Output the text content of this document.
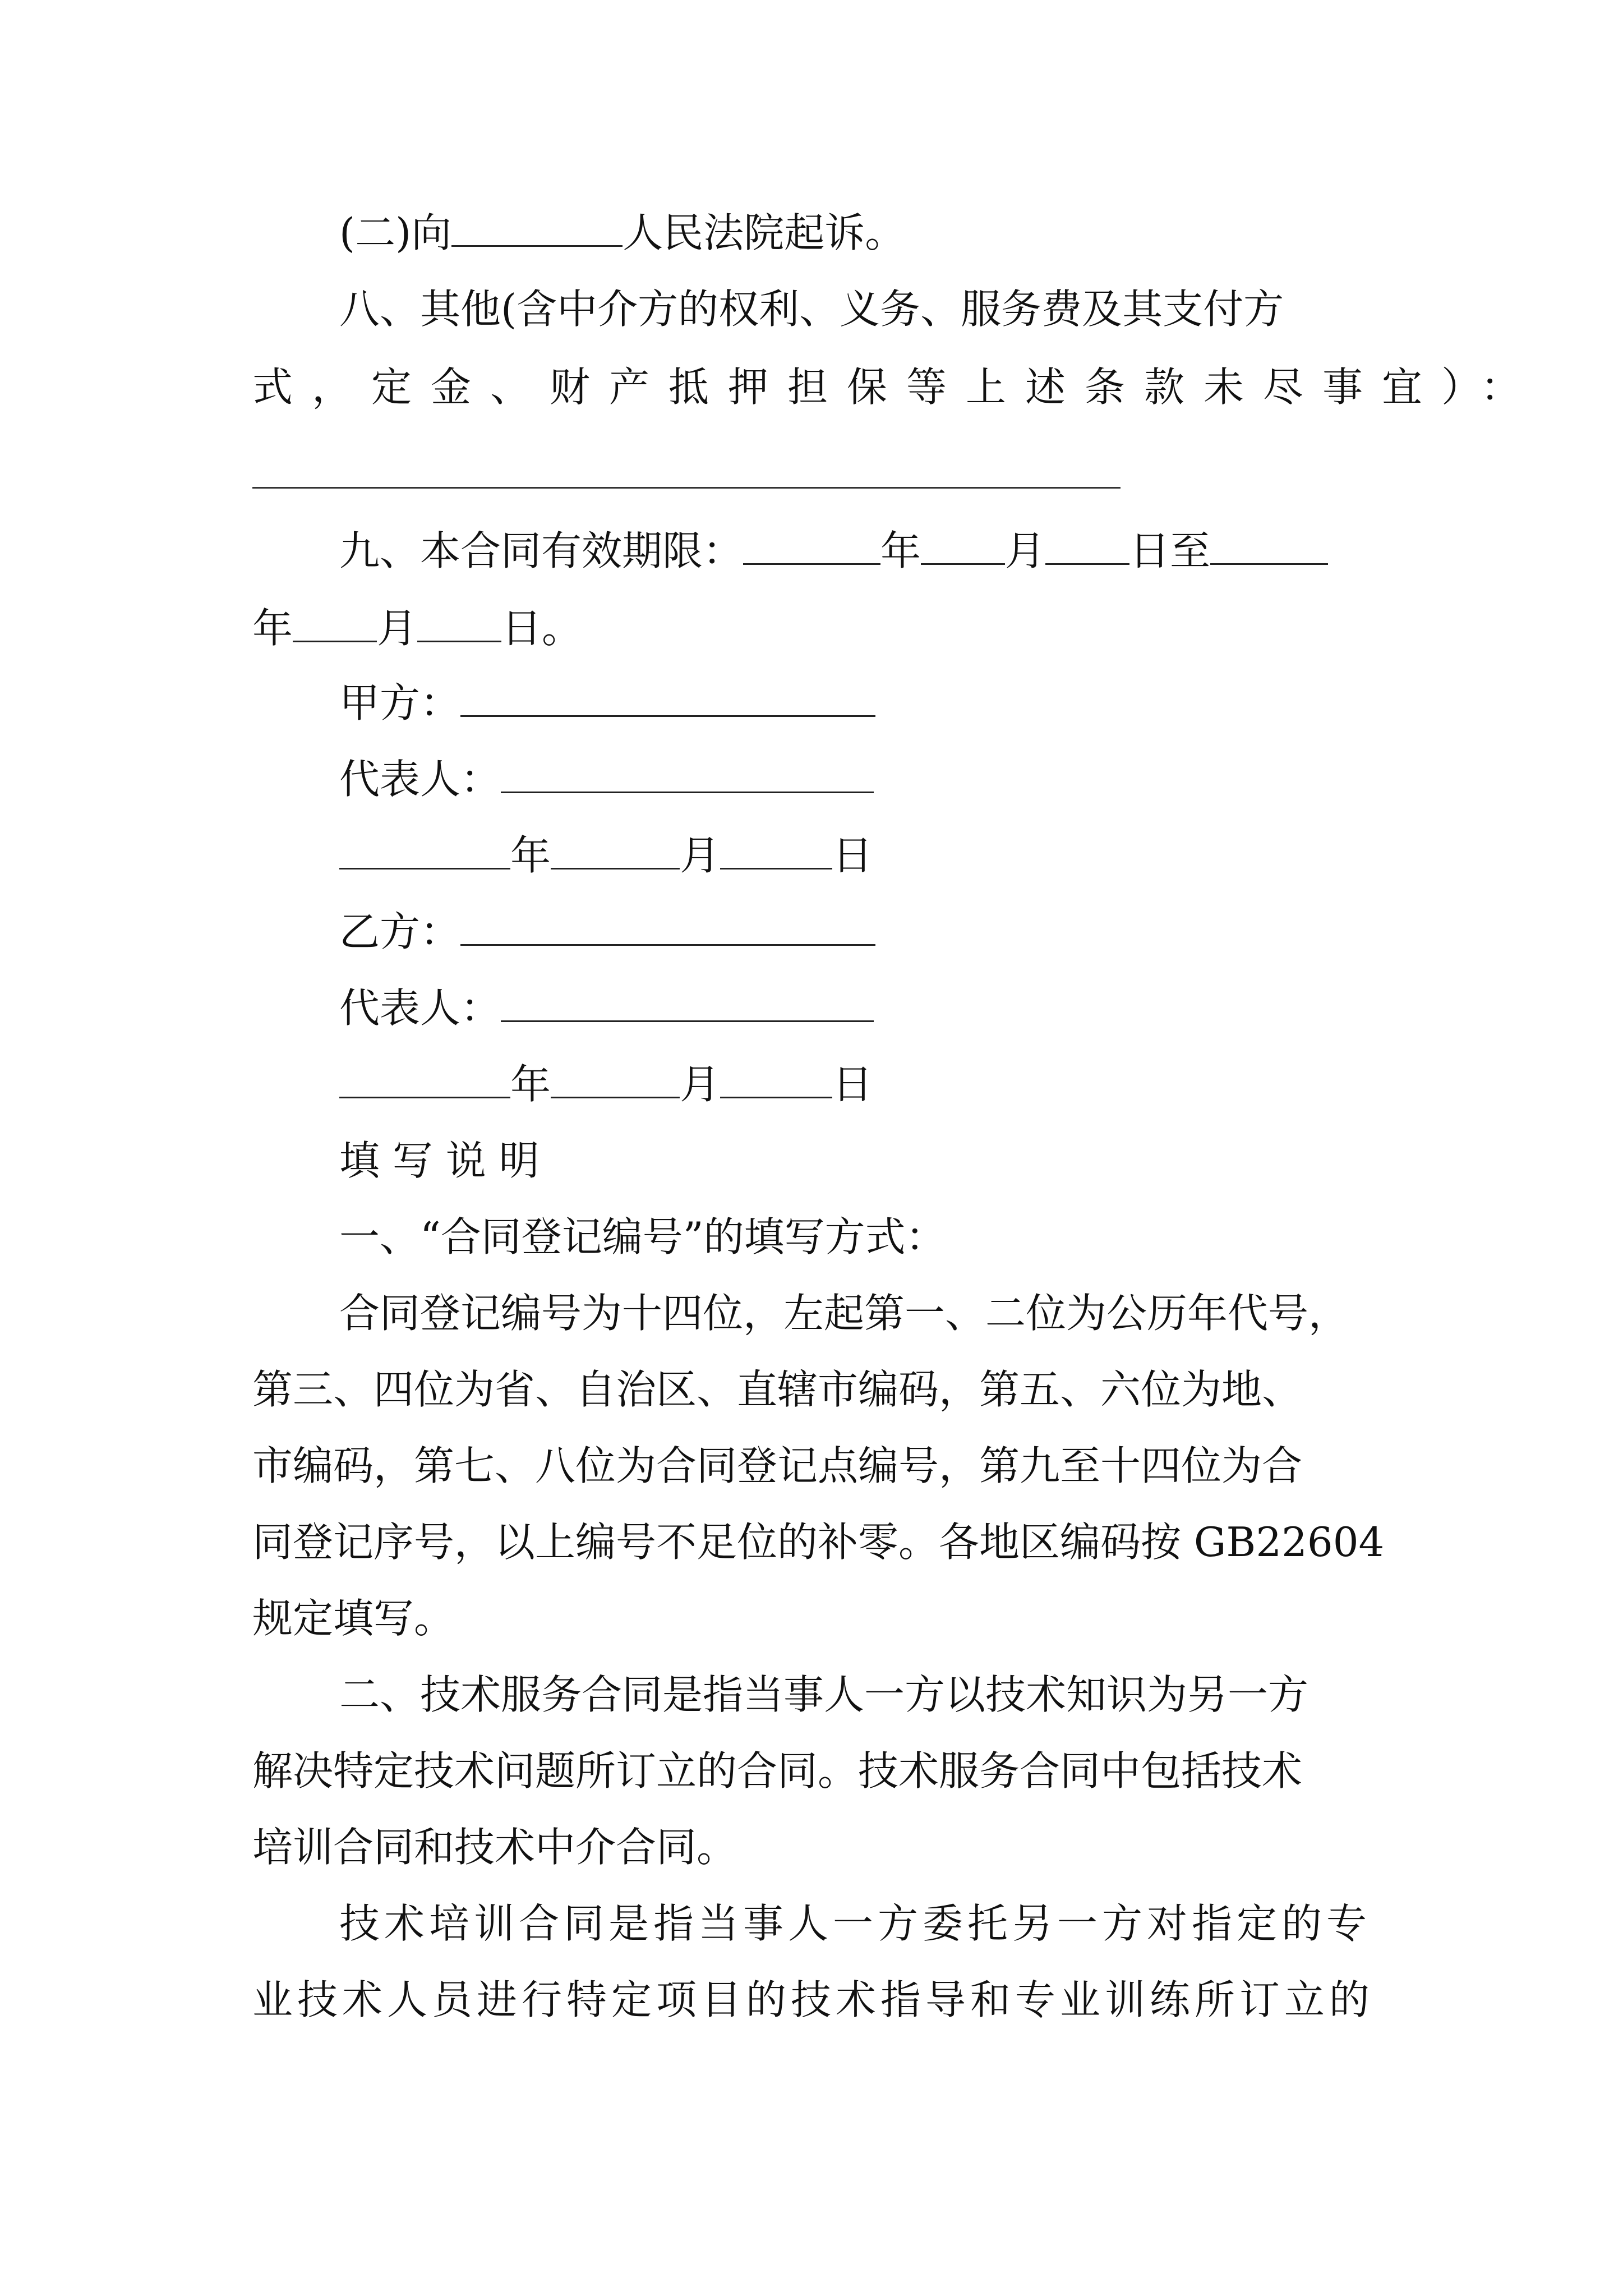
(二)向	人民法院起诉。
八、其他(含中介方的权利、义务、服务费及其支付方
式，定金、财产抵押担保等上述条款未尽事宜）：
九、本合同有效期限：	年 月 日至
年 月 日。
甲方：
代表人：
年	月	日
乙方：
代表人：
年	月	日
填 写 说 明
一、“合同登记编号”的填写方式：
合同登记编号为十四位，左起第一、二位为公历年代号，
第三、四位为省、自治区、直辖市编码，第五、六位为地、
市编码，第七、八位为合同登记点编号，第九至十四位为合
同登记序号，以上编号不足位的补零。各地区编码按 GB22604
规定填写。
二、技术服务合同是指当事人一方以技术知识为另一方
解决特定技术问题所订立的合同。技术服务合同中包括技术
培训合同和技术中介合同。
技术培训合同是指当事人一方委托另一方对指定的专
业技术人员进行特定项目的技术指导和专业训练所订立的
